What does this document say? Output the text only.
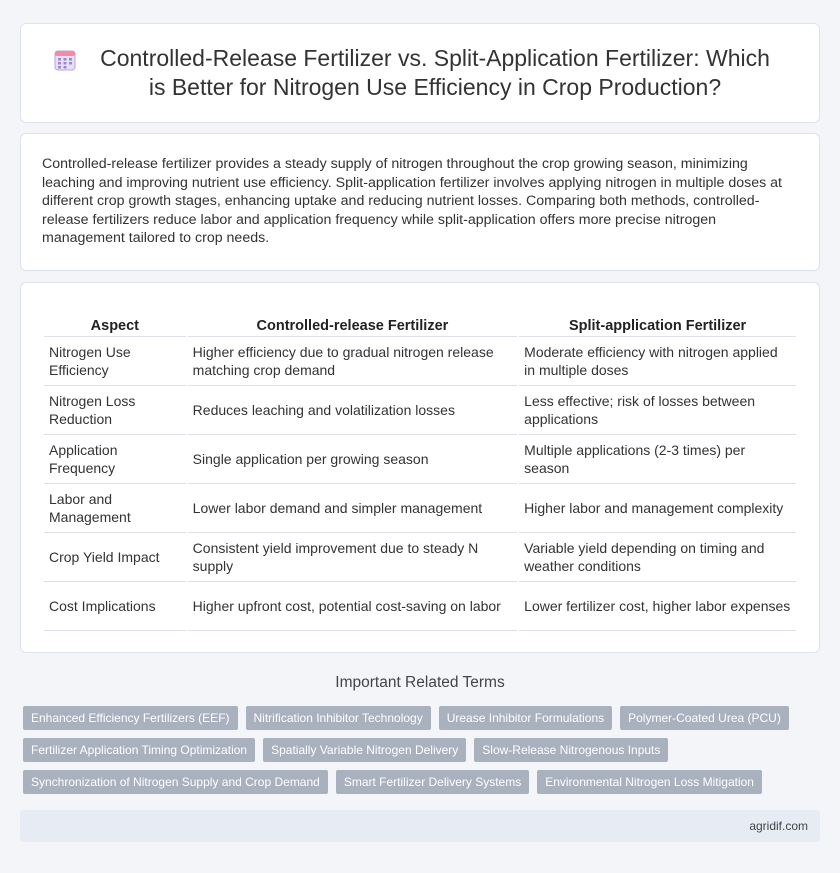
Controlled-Release Fertilizer vs. Split-Application Fertilizer: Which is Better for Nitrogen Use Efficiency in Crop Production?

Controlled-release fertilizer provides a steady supply of nitrogen throughout the crop growing season, minimizing leaching and improving nutrient use efficiency. Split-application fertilizer involves applying nitrogen in multiple doses at different crop growth stages, enhancing uptake and reducing nutrient losses. Comparing both methods, controlled-release fertilizers reduce labor and application frequency while split-application offers more precise nitrogen management tailored to crop needs.

Aspect	Controlled-release Fertilizer	Split-application Fertilizer
Nitrogen Use Efficiency	Higher efficiency due to gradual nitrogen release matching crop demand	Moderate efficiency with nitrogen applied in multiple doses
Nitrogen Loss Reduction	Reduces leaching and volatilization losses	Less effective; risk of losses between applications
Application Frequency	Single application per growing season	Multiple applications (2-3 times) per season
Labor and Management	Lower labor demand and simpler management	Higher labor and management complexity
Crop Yield Impact	Consistent yield improvement due to steady N supply	Variable yield depending on timing and weather conditions
Cost Implications	Higher upfront cost, potential cost-saving on labor	Lower fertilizer cost, higher labor expenses
Important Related Terms
Enhanced Efficiency Fertilizers (EEF)	Nitrification Inhibitor Technology	Urease Inhibitor Formulations	Polymer-Coated Urea (PCU)
Fertilizer Application Timing Optimization	Spatially Variable Nitrogen Delivery	Slow-Release Nitrogenous Inputs
Synchronization of Nitrogen Supply and Crop Demand	Smart Fertilizer Delivery Systems	Environmental Nitrogen Loss Mitigation
agridif.com
